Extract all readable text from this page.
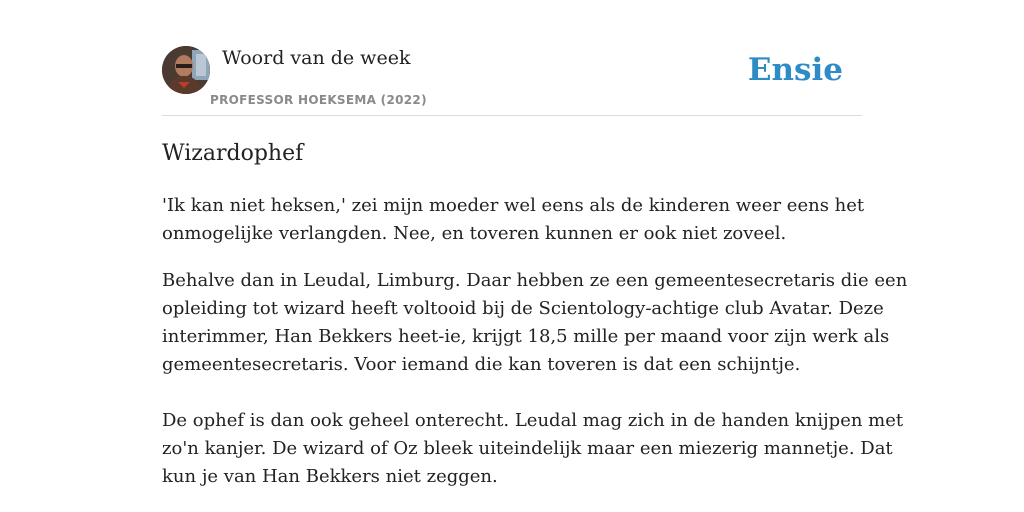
Woord van de week
PROFESSOR HOEKSEMA (2022)
Ensie
Wizardophef

'Ik kan niet heksen,' zei mijn moeder wel eens als de kinderen weer eens het

onmogelijke verlangden. Nee, en toveren kunnen er ook niet zoveel.

Behalve dan in Leudal, Limburg. Daar hebben ze een gemeentesecretaris die een

opleiding tot wizard heeft voltooid bij de Scientology-achtige club Avatar. Deze

interimmer, Han Bekkers heet-ie, krijgt 18,5 mille per maand voor zijn werk als

gemeentesecretaris. Voor iemand die kan toveren is dat een schijntje.

De ophef is dan ook geheel onterecht. Leudal mag zich in de handen knijpen met

zo'n kanjer. De wizard of Oz bleek uiteindelijk maar een miezerig mannetje. Dat

kun je van Han Bekkers niet zeggen.
